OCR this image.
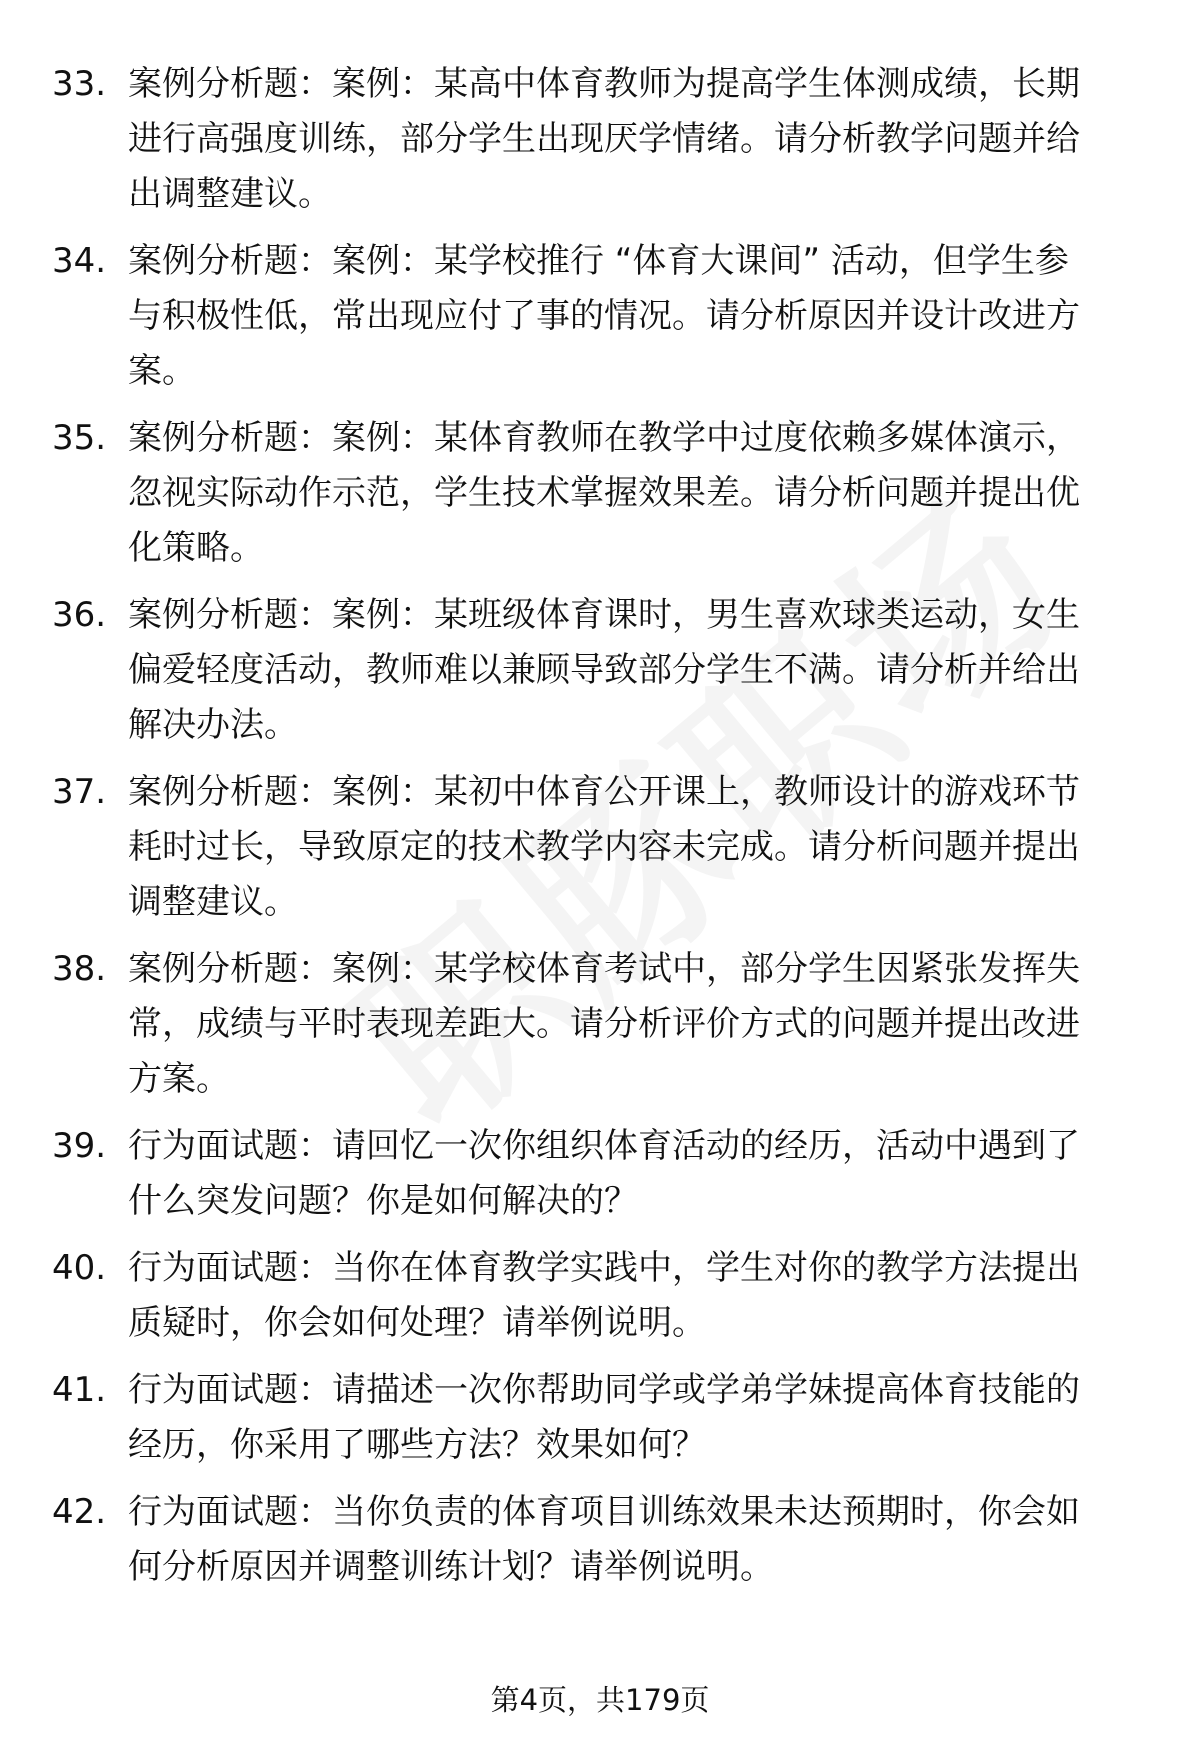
33. 案例分析题：案例：某高中体育教师为提高学生体测成绩，长期
进行高强度训练，部分学生出现厌学情绪。请分析教学问题并给
出调整建议。
34. 案例分析题：案例：某学校推行 “体育大课间” 活动，但学生参
与积极性低，常出现应付了事的情况。请分析原因并设计改进方
案。
35. 案例分析题：案例：某体育教师在教学中过度依赖多媒体演示，
忽视实际动作示范，学生技术掌握效果差。请分析问题并提出优
化策略。
36. 案例分析题：案例：某班级体育课时，男生喜欢球类运动，女生
偏爱轻度活动，教师难以兼顾导致部分学生不满。请分析并给出
解决办法。
37. 案例分析题：案例：某初中体育公开课上，教师设计的游戏环节
耗时过长，导致原定的技术教学内容未完成。请分析问题并提出
调整建议。
38. 案例分析题：案例：某学校体育考试中，部分学生因紧张发挥失
常，成绩与平时表现差距大。请分析评价方式的问题并提出改进
方案。
39. 行为面试题：请回忆一次你组织体育活动的经历，活动中遇到了
什么突发问题？你是如何解决的？
40. 行为面试题：当你在体育教学实践中，学生对你的教学方法提出
质疑时，你会如何处理？请举例说明。
41. 行为面试题：请描述一次你帮助同学或学弟学妹提高体育技能的
经历，你采用了哪些方法？效果如何？
42. 行为面试题：当你负责的体育项目训练效果未达预期时，你会如
何分析原因并调整训练计划？请举例说明。
第4页，共179页
